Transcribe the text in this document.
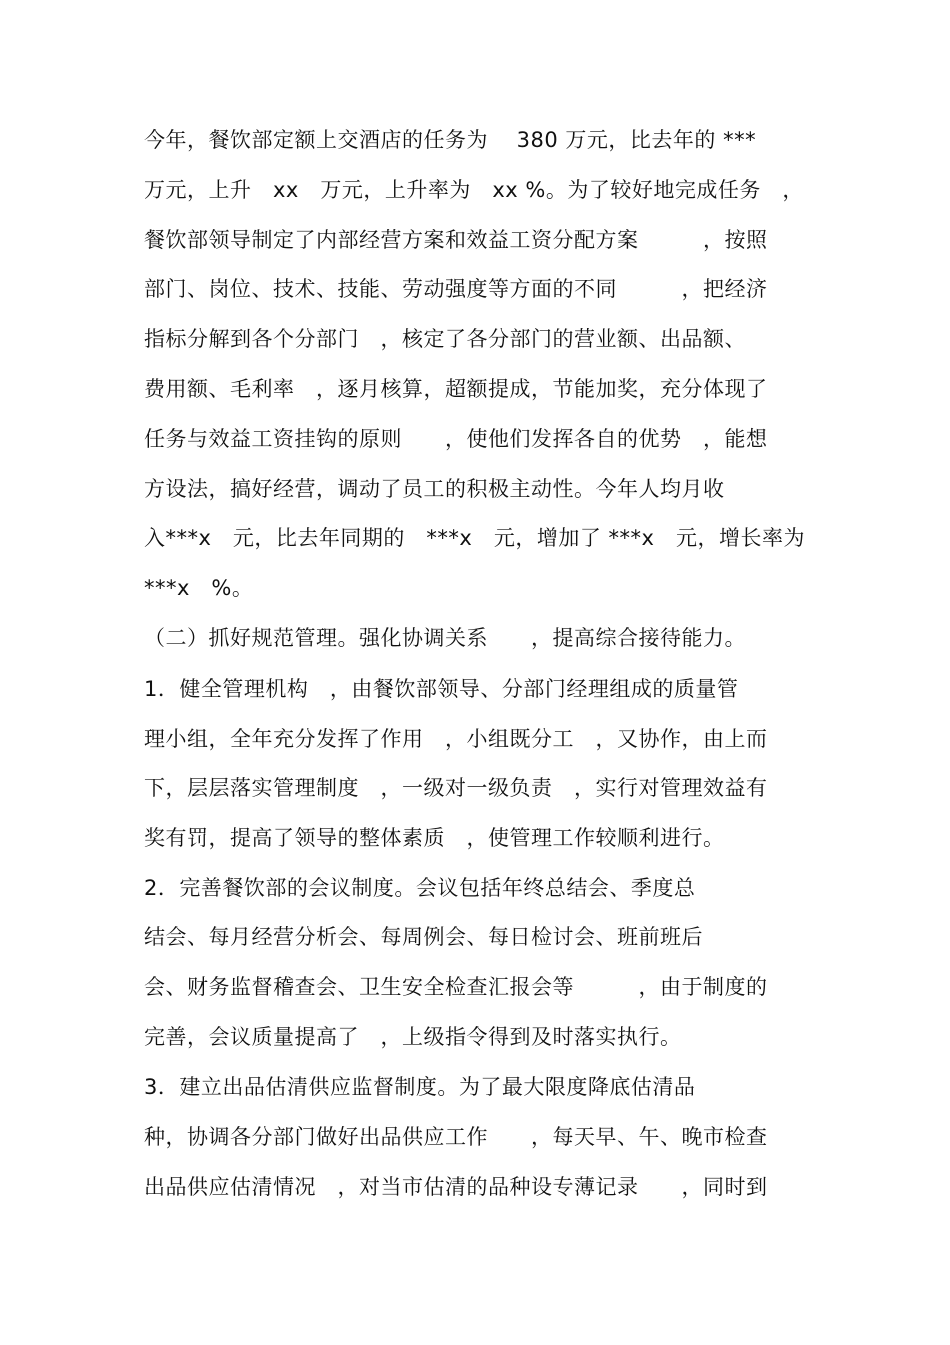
今年，餐饮部定额上交酒店的任务为　 380 万元，比去年的 ***
万元，上升　xx　万元，上升率为　xx %。为了较好地完成任务　，
餐饮部领导制定了内部经营方案和效益工资分配方案　　　，按照
部门、岗位、技术、技能、劳动强度等方面的不同　　　，把经济
指标分解到各个分部门　，核定了各分部门的营业额、出品额、
费用额、毛利率　，逐月核算，超额提成，节能加奖，充分体现了
任务与效益工资挂钩的原则　　，使他们发挥各自的优势　，能想
方设法，搞好经营，调动了员工的积极主动性。今年人均月收
入***x　元，比去年同期的　***x　元，增加了 ***x　元，增长率为
***x　%。
（二）抓好规范管理。强化协调关系　　，提高综合接待能力。
1．健全管理机构　，由餐饮部领导、分部门经理组成的质量管
理小组，全年充分发挥了作用　，小组既分工　，又协作，由上而
下，层层落实管理制度　，一级对一级负责　，实行对管理效益有
奖有罚，提高了领导的整体素质　，使管理工作较顺利进行。
2．完善餐饮部的会议制度。会议包括年终总结会、季度总
结会、每月经营分析会、每周例会、每日检讨会、班前班后
会、财务监督稽查会、卫生安全检查汇报会等　　　，由于制度的
完善，会议质量提高了　，上级指令得到及时落实执行。
3．建立出品估清供应监督制度。为了最大限度降底估清品
种，协调各分部门做好出品供应工作　　，每天早、午、晚市检查
出品供应估清情况　，对当市估清的品种设专薄记录　　，同时到
